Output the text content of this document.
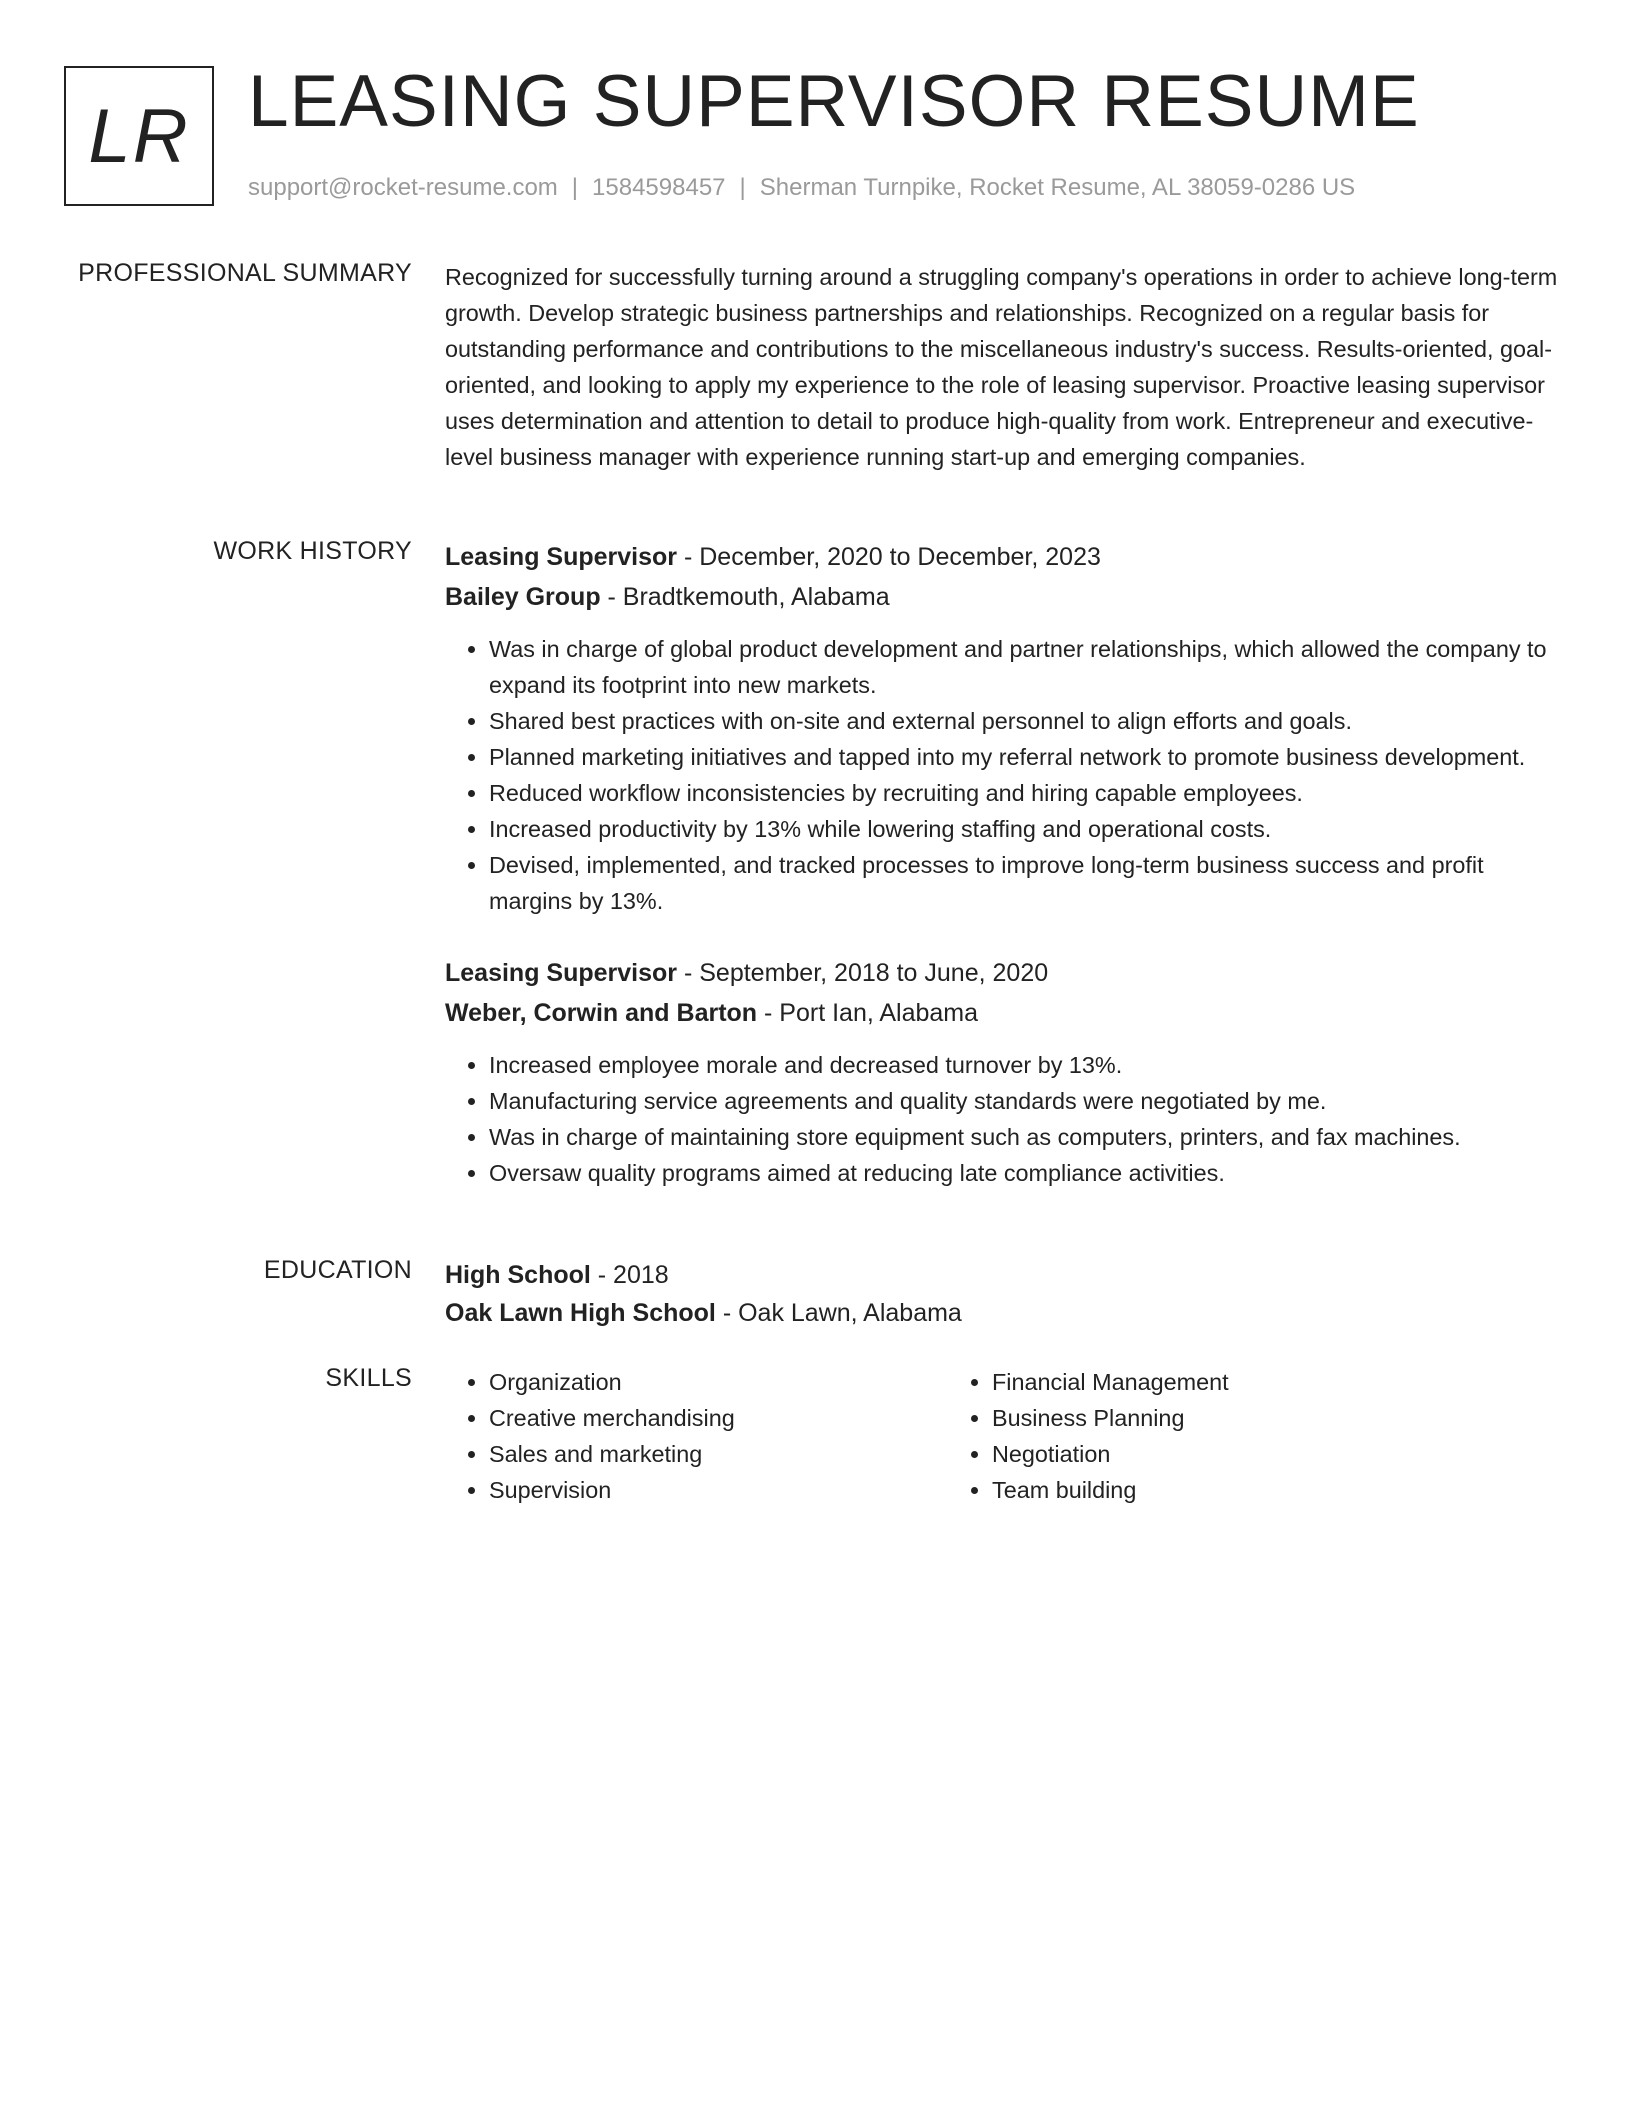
LR LEASING SUPERVISOR RESUME
support@rocket-resume.com | 1584598457 | Sherman Turnpike, Rocket Resume, AL 38059-0286 US
PROFESSIONAL SUMMARY Recognized for successfully turning around a struggling company's operations in order to achieve long-term growth. Develop strategic business partnerships and relationships. Recognized on a regular basis for outstanding performance and contributions to the miscellaneous industry's success. Results-oriented, goal-oriented, and looking to apply my experience to the role of leasing supervisor. Proactive leasing supervisor uses determination and attention to detail to produce high-quality from work. Entrepreneur and executive-level business manager with experience running start-up and emerging companies.

WORK HISTORY Leasing Supervisor - December, 2020 to December, 2023
Bailey Group - Bradtkemouth, Alabama
• Was in charge of global product development and partner relationships, which allowed the company to expand its footprint into new markets.
• Shared best practices with on-site and external personnel to align efforts and goals.
• Planned marketing initiatives and tapped into my referral network to promote business development.
• Reduced workflow inconsistencies by recruiting and hiring capable employees.
• Increased productivity by 13% while lowering staffing and operational costs.
• Devised, implemented, and tracked processes to improve long-term business success and profit margins by 13%.
Leasing Supervisor - September, 2018 to June, 2020
Weber, Corwin and Barton - Port Ian, Alabama
• Increased employee morale and decreased turnover by 13%.
• Manufacturing service agreements and quality standards were negotiated by me.
• Was in charge of maintaining store equipment such as computers, printers, and fax machines.
• Oversaw quality programs aimed at reducing late compliance activities.
EDUCATION High School - 2018
Oak Lawn High School - Oak Lawn, Alabama
SKILLS
•	Organization
• Creative merchandising
• Sales and marketing
• Supervision
• Financial Management
• Business Planning
• Negotiation
• Team building
